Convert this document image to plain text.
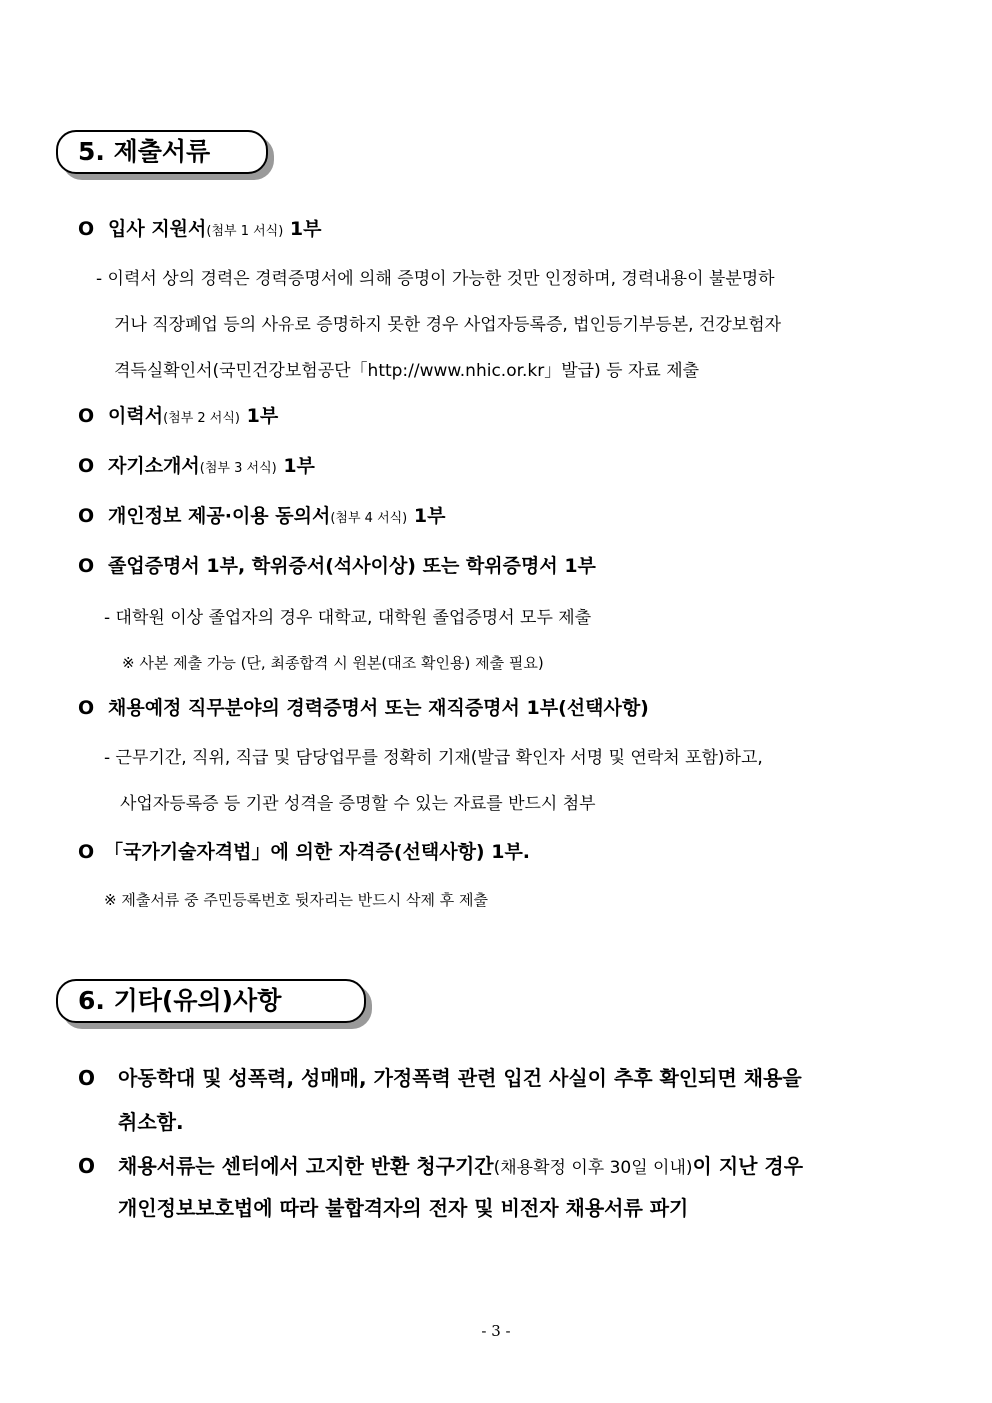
5. 제출서류
O 입사 지원서(첨부 1 서식) 1부
- 이력서 상의 경력은 경력증명서에 의해 증명이 가능한 것만 인정하며, 경력내용이 불분명하
거나 직장폐업 등의 사유로 증명하지 못한 경우 사업자등록증, 법인등기부등본, 건강보험자
격득실확인서(국민건강보험공단「http://www.nhic.or.kr」발급) 등 자료 제출
O 이력서(첨부 2 서식) 1부
O 자기소개서(첨부 3 서식) 1부
O 개인정보 제공·이용 동의서(첨부 4 서식) 1부
O 졸업증명서 1부, 학위증서(석사이상) 또는 학위증명서 1부
- 대학원 이상 졸업자의 경우 대학교, 대학원 졸업증명서 모두 제출
※ 사본 제출 가능 (단, 최종합격 시 원본(대조 확인용) 제출 필요)
O 채용예정 직무분야의 경력증명서 또는 재직증명서 1부(선택사항)
- 근무기간, 직위, 직급 및 담당업무를 정확히 기재(발급 확인자 서명 및 연락처 포함)하고,
사업자등록증 등 기관 성격을 증명할 수 있는 자료를 반드시 첨부
O 「국가기술자격법」에 의한 자격증(선택사항) 1부.
※ 제출서류 중 주민등록번호 뒷자리는 반드시 삭제 후 제출
6. 기타(유의)사항
O 아동학대 및 성폭력, 성매매, 가정폭력 관련 입건 사실이 추후 확인되면 채용을
취소함.
O 채용서류는 센터에서 고지한 반환 청구기간(채용확정 이후 30일 이내)이 지난 경우
개인정보보호법에 따라 불합격자의 전자 및 비전자 채용서류 파기
- 3 -
